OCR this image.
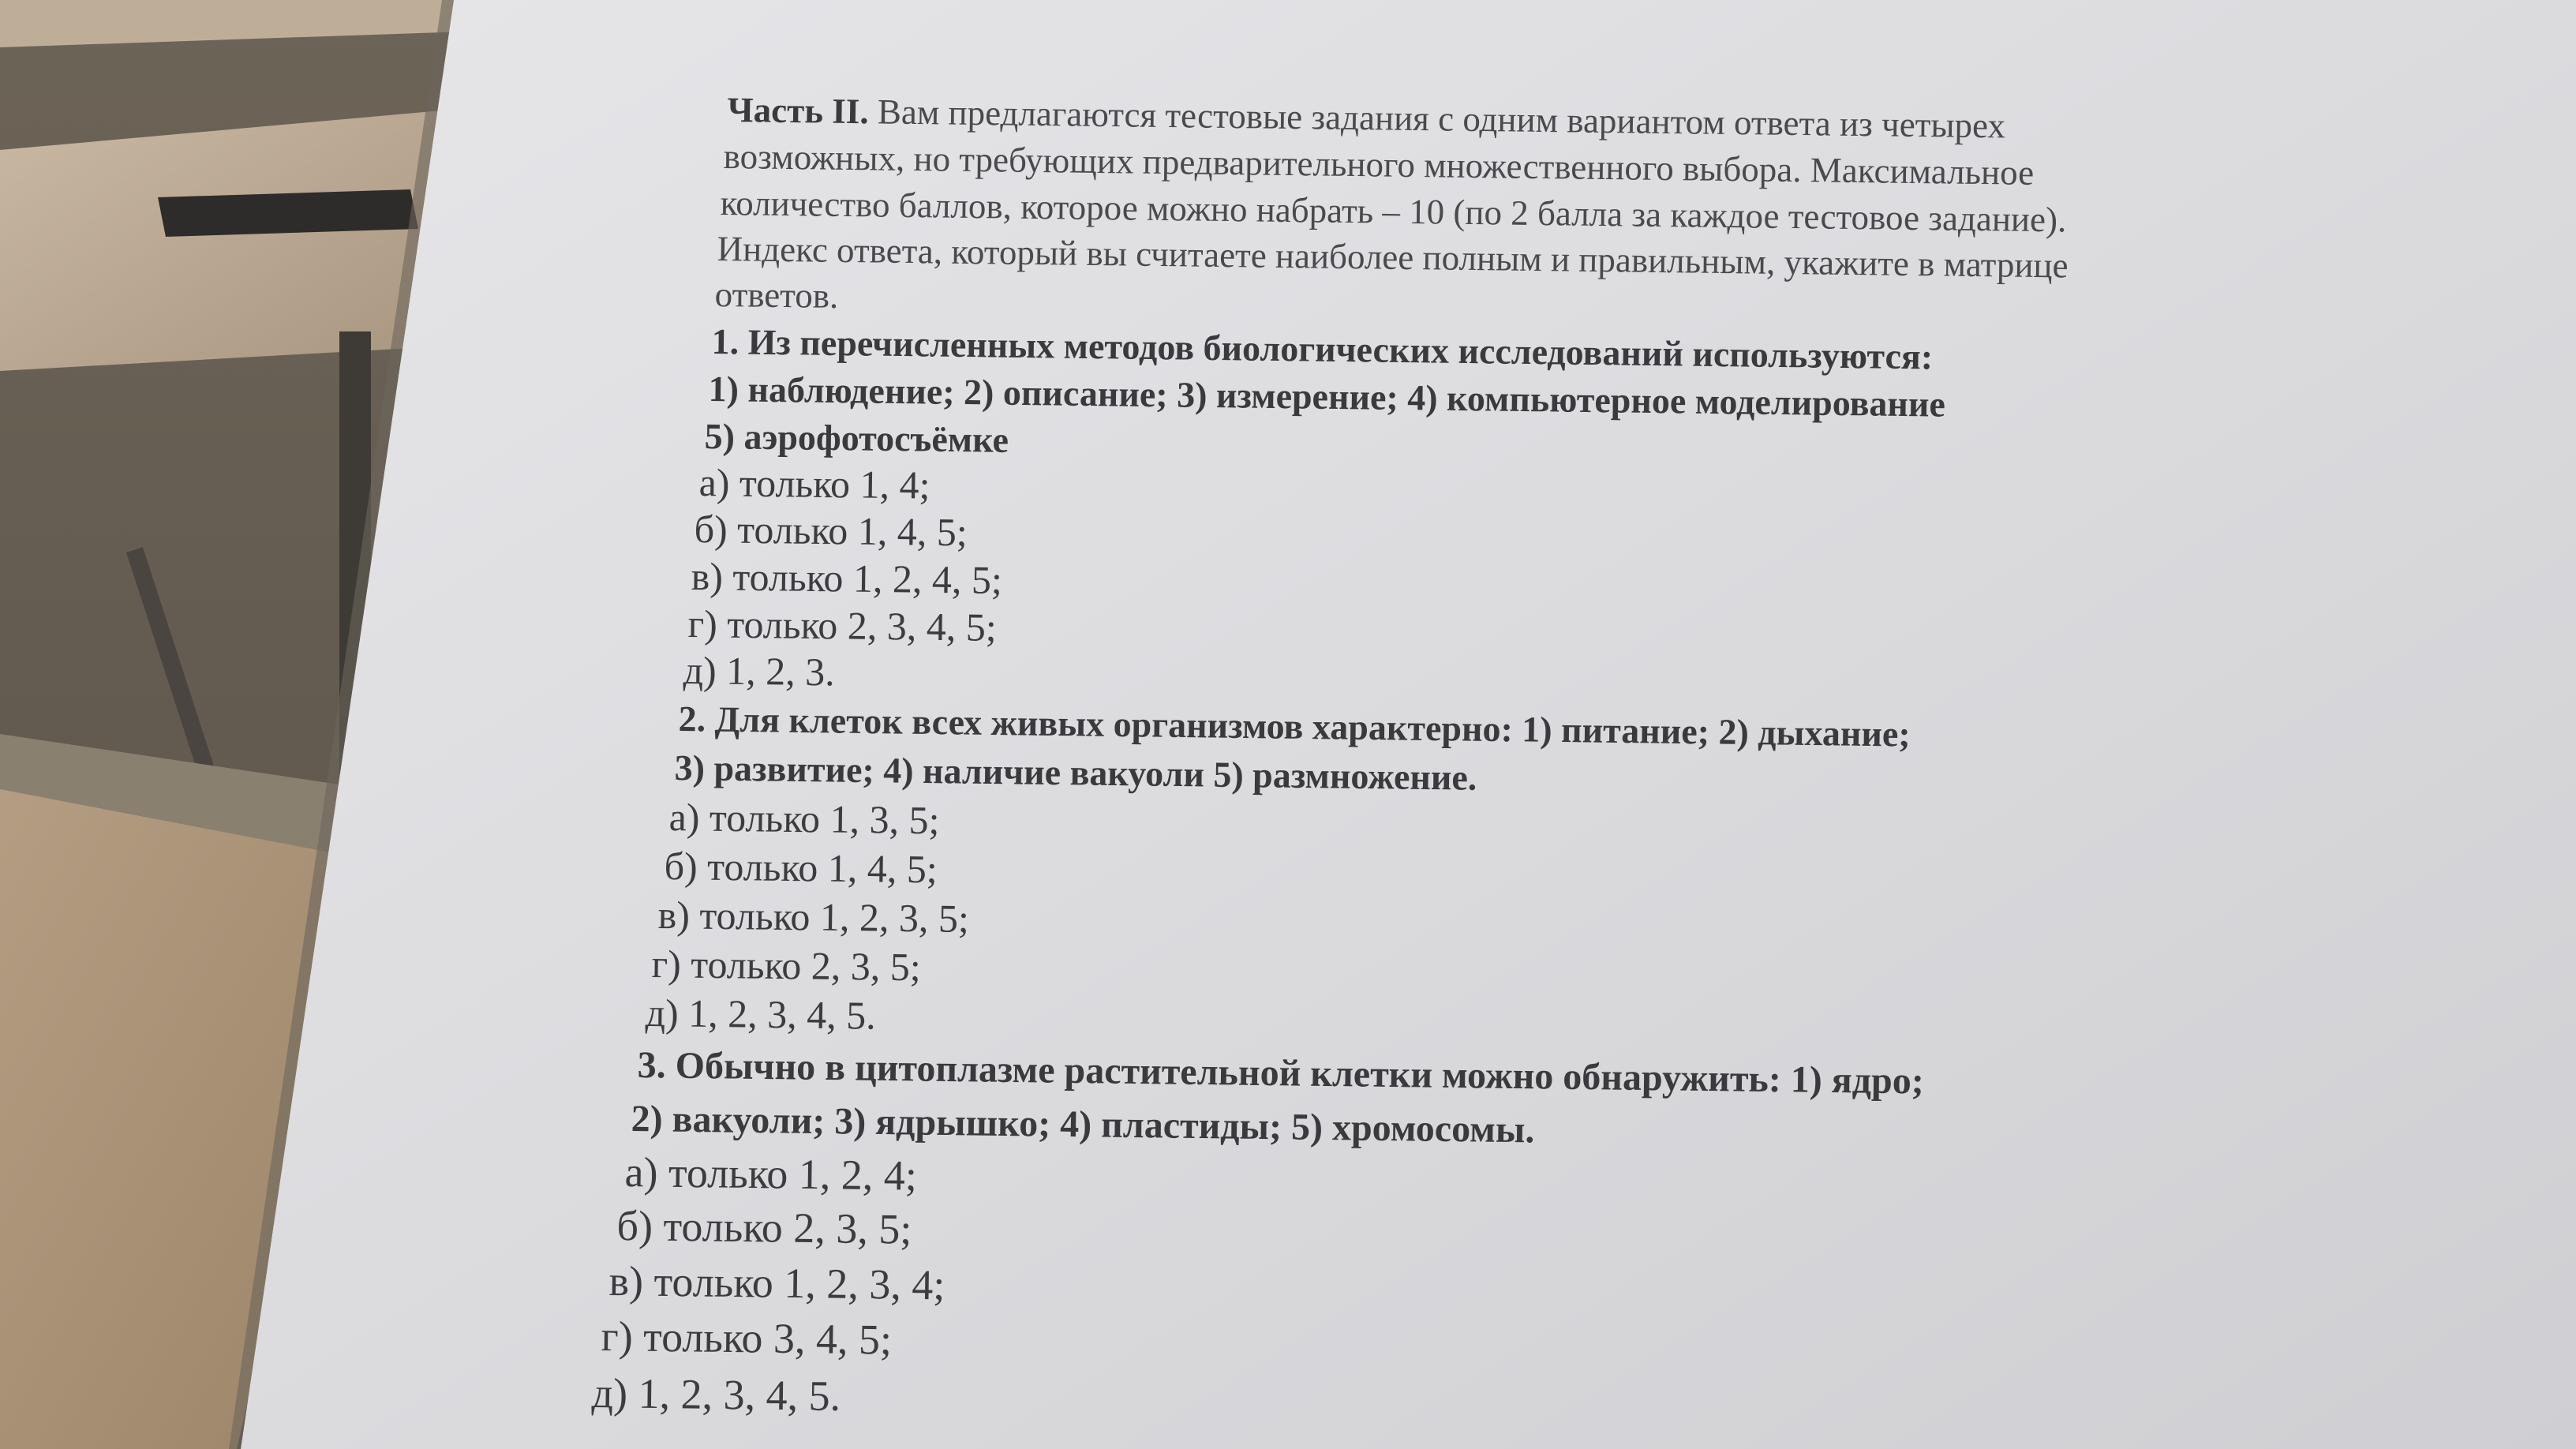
Часть II. Вам предлагаются тестовые задания с одним вариантом ответа из четырех
возможных, но требующих предварительного множественного выбора. Максимальное
количество баллов, которое можно набрать – 10 (по 2 балла за каждое тестовое задание).
Индекс ответа, который вы считаете наиболее полным и правильным, укажите в матрице
ответов.
1. Из перечисленных методов биологических исследований используются:
1) наблюдение; 2) описание; 3) измерение; 4) компьютерное моделирование
5) аэрофотосъёмке
а) только 1, 4;
б) только 1, 4, 5;
в) только 1, 2, 4, 5;
г) только 2, 3, 4, 5;
д) 1, 2, 3.
2. Для клеток всех живых организмов характерно: 1) питание; 2) дыхание;
3) развитие; 4) наличие вакуоли 5) размножение.
а) только 1, 3, 5;
б) только 1, 4, 5;
в) только 1, 2, 3, 5;
г) только 2, 3, 5;
д) 1, 2, 3, 4, 5.
3. Обычно в цитоплазме растительной клетки можно обнаружить: 1) ядро;
2) вакуоли; 3) ядрышко; 4) пластиды; 5) хромосомы.
а) только 1, 2, 4;
б) только 2, 3, 5;
в) только 1, 2, 3, 4;
г) только 3, 4, 5;
д) 1, 2, 3, 4, 5.
